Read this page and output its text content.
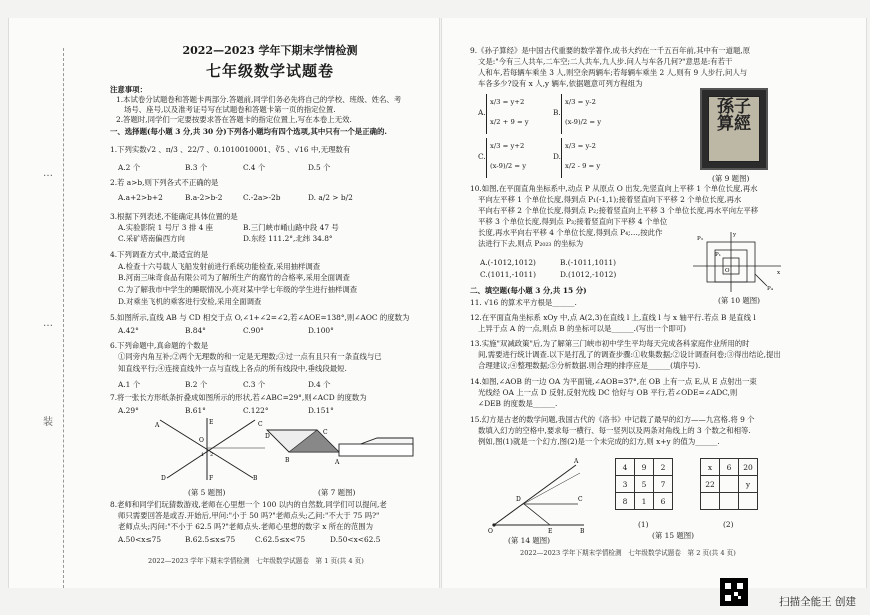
…
…
装
2022—2023 学年下期末学情检测
七年级数学试题卷
注意事项：
1.本试卷分试题卷和答题卡两部分.答题前,同学们务必先将自己的学校、班级、姓名、考
场号、座号,以及准考证号写在试题卷和答题卡第一页的指定位置.
2.答题时,同学们一定要按要求答在答题卡的指定位置上,写在本卷上无效.
一、选择题(每小题 3 分,共 30 分)下列各小题均有四个选项,其中只有一个是正确的.
1.下列实数√2 、π/3 、22/7 、0.1010010001、∛5 、√16 中,无理数有
A.2 个	B.3 个	C.4 个	D.5 个
2.若 a>b,则下列各式不正确的是
A.a+2>b+2	B.a-2>b-2	C.-2a>-2b	D. a/2 > b/2
3.根据下列表述,不能确定具体位置的是
A.实验影院 1 号厅 3 排 4 座	B.三门峡市崤山路中段 47 号
C.采矿塔南偏西方向	D.东经 111.2°,北纬 34.8°
4.下列调查方式中,最适宜的是
A.检查十六号载人飞船发射前进行系统功能检查,采用抽样调查
B.河南三味奇食品有限公司为了解所生产的腐竹的合格率,采用全面调查
C.为了解我市中学生的睡眠情况,小亮对某中学七年级的学生进行抽样调查
D.对乘坐飞机的乘客进行安检,采用全面调查
5.如图所示,直线 AB 与 CD 相交于点 O,∠1+∠2=∠2,若∠AOE=138°,则∠AOC 的度数为
A.42°	B.84°	C.90°	D.100°
6.下列命题中,真命题的个数是
①同旁内角互补;②两个无理数的和一定是无理数;③过一点有且只有一条直线与已
知直线平行;④连接直线外一点与直线上各点的所有线段中,垂线段最短.
A.1 个	B.2 个	C.3 个	D.4 个
7.将一张长方形纸条折叠成如图所示的形状,若∠ABC=29°,则∠ACD 的度数为
A.29°	B.61°	C.122°	D.151°
A	C
E
O
1 2
D	B
F
(第 5 题图)
D
B
C
A
(第 7 题图)
8.老师和同学们玩猜数游戏,老师在心里想一个 100 以内的自然数,同学们可以提问,老
师只需要回答是或否.开始后,甲问:"小于 50 吗?"老师点头;乙问:"不大于 75 吗?"
老师点头;丙问:"不小于 62.5 吗?"老师点头.老师心里想的数字 x 所在的范围为
A.50<x≤75	B.62.5≤x≤75	C.62.5≤x<75	D.50<x<62.5
2022—2023 学年下期末学情检测　七年级数学试题卷　第 1 页(共 4 页)
9.《孙子算经》是中国古代重要的数学著作,成书大约在一千五百年前,其中有一道题,原
文是:"今有三人共车,二车空;二人共车,九人步.问人与车各几何?"意思是:有若干
人和车,若每辆车乘坐 3 人,则空余两辆车;若每辆车乘坐 2 人,则有 9 人步行,问人与
车各多少?设有 x 人,y 辆车,依据题意可列方程组为
A.
x/3 = y+2
x/2 + 9 = y
B.
x/3 = y-2
(x-9)/2 = y
C.
x/3 = y+2
(x-9)/2 = y
D.
x/3 = y-2
x/2 - 9 = y
孫子算經
(第 9 题图)
10.如图,在平面直角坐标系中,动点 P 从原点 O 出发,先竖直向上平移 1 个单位长度,再水
平向左平移 1 个单位长度,得到点 P₁(-1,1);接着竖直向下平移 2 个单位长度,再水
平向右平移 2 个单位长度,得到点 P₂;接着竖直向上平移 3 个单位长度,再水平向左平移
平移 3 个单位长度,得到点 P₃;接着竖直向下平移 4 个单位
长度,再水平向右平移 4 个单位长度,得到点 P₄;…,按此作
法进行下去,则点 P₂₀₂₃ 的坐标为
A.(-1012,1012)	B.(-1011,1011)
C.(1011,-1011)	D.(1012,-1012)
P₃
P₁
O	x
P₄
y
(第 10 题图)
二、填空题(每小题 3 分,共 15 分)
11. √16 的算术平方根是______.
12.在平面直角坐标系 xOy 中,点 A(2,3)在直线 l 上,直线 l 与 x 轴平行.若点 B 是直线 l
上异于点 A 的一点,则点 B 的坐标可以是______.(写出一个即可)
13.实施"双减政策"后,为了解第三门峡市初中学生平均每天完成各科家庭作业所用的时
间,需要进行统计调查.以下是打乱了的调查步骤:①收集数据;②设计调查问卷;③得出结论,提出
合理建议;④整理数据;⑤分析数据.则合理的排序应是______(填序号).
14.如图,∠AOB 的一边 OA 为平面镜,∠AOB=37°,在 OB 上有一点 E,从 E 点射出一束
光线经 OA 上一点 D 反射,反射光线 DC 恰好与 OB 平行,若∠ODE=∠ADC,则
∠DEB 的度数是______.
15.幻方是古老的数学问题,我国古代的《洛书》中记载了最早的幻方——九宫格.将 9 个
数填入幻方的空格中,要求每一横行、每一竖列以及两条对角线上的 3 个数之和相等.
例如,图(1)就是一个幻方,图(2)是一个未完成的幻方,则 x+y 的值为______.
A
C
D
E	B
O
(第 14 题图)
4	9	2
3	5	7
8	1	6
(1)
x	6	20
22		y

(2)
(第 15 题图)
2022—2023 学年下期末学情检测　七年级数学试题卷　第 2 页(共 4 页)
扫描全能王 创建
